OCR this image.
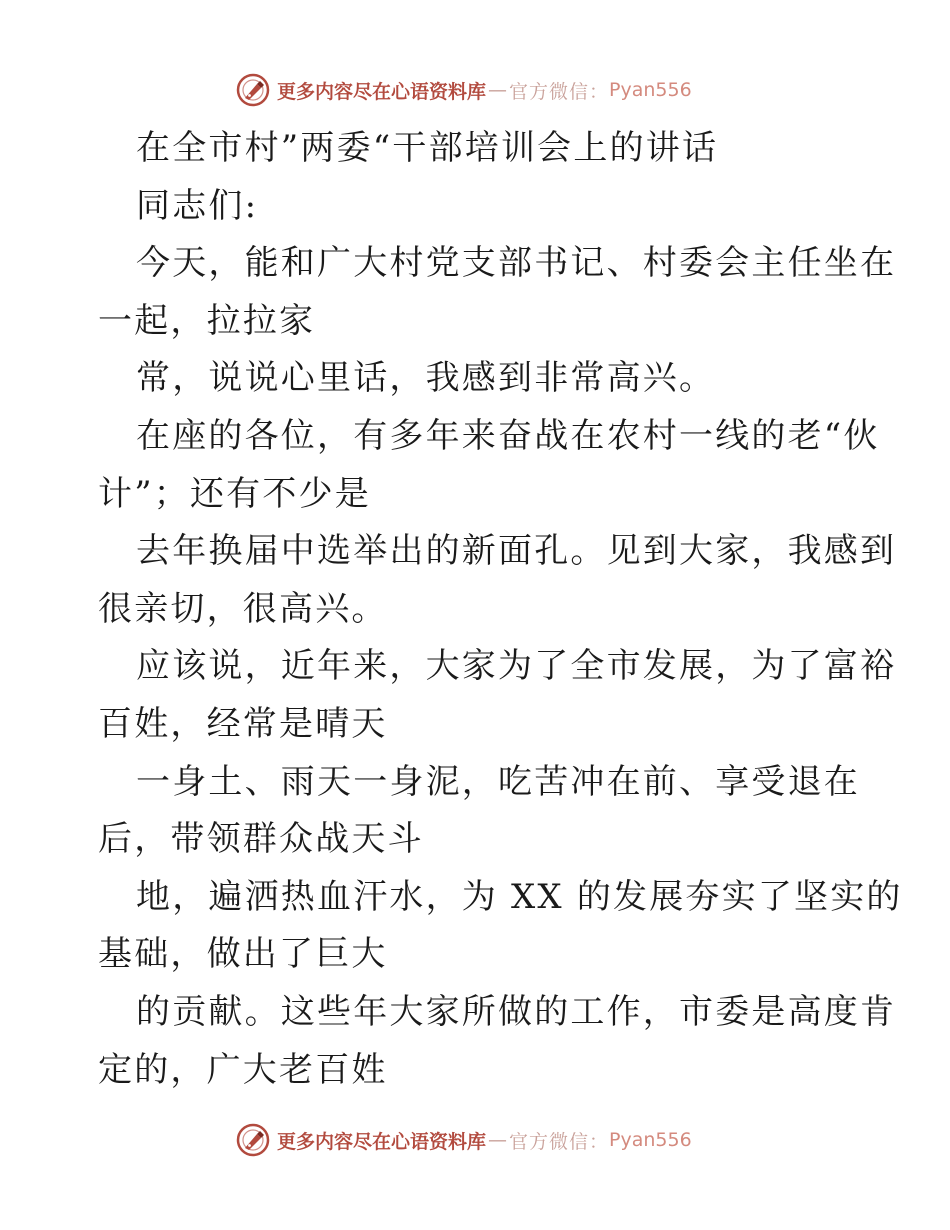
更多内容尽在心语资料库 — 官方微信： Pyan556
在全市村”两委“干部培训会上的讲话
同志们:
今天，能和广大村党支部书记、村委会主任坐在
一起，拉拉家
常，说说心里话，我感到非常高兴。
在座的各位，有多年来奋战在农村一线的老“伙
计”；还有不少是
去年换届中选举出的新面孔。见到大家，我感到
很亲切，很高兴。
应该说，近年来，大家为了全市发展，为了富裕
百姓，经常是晴天
一身土、雨天一身泥，吃苦冲在前、享受退在
后，带领群众战天斗
地，遍洒热血汗水，为 XX 的发展夯实了坚实的
基础，做出了巨大
的贡献。这些年大家所做的工作，市委是高度肯
定的，广大老百姓
更多内容尽在心语资料库 — 官方微信： Pyan556
